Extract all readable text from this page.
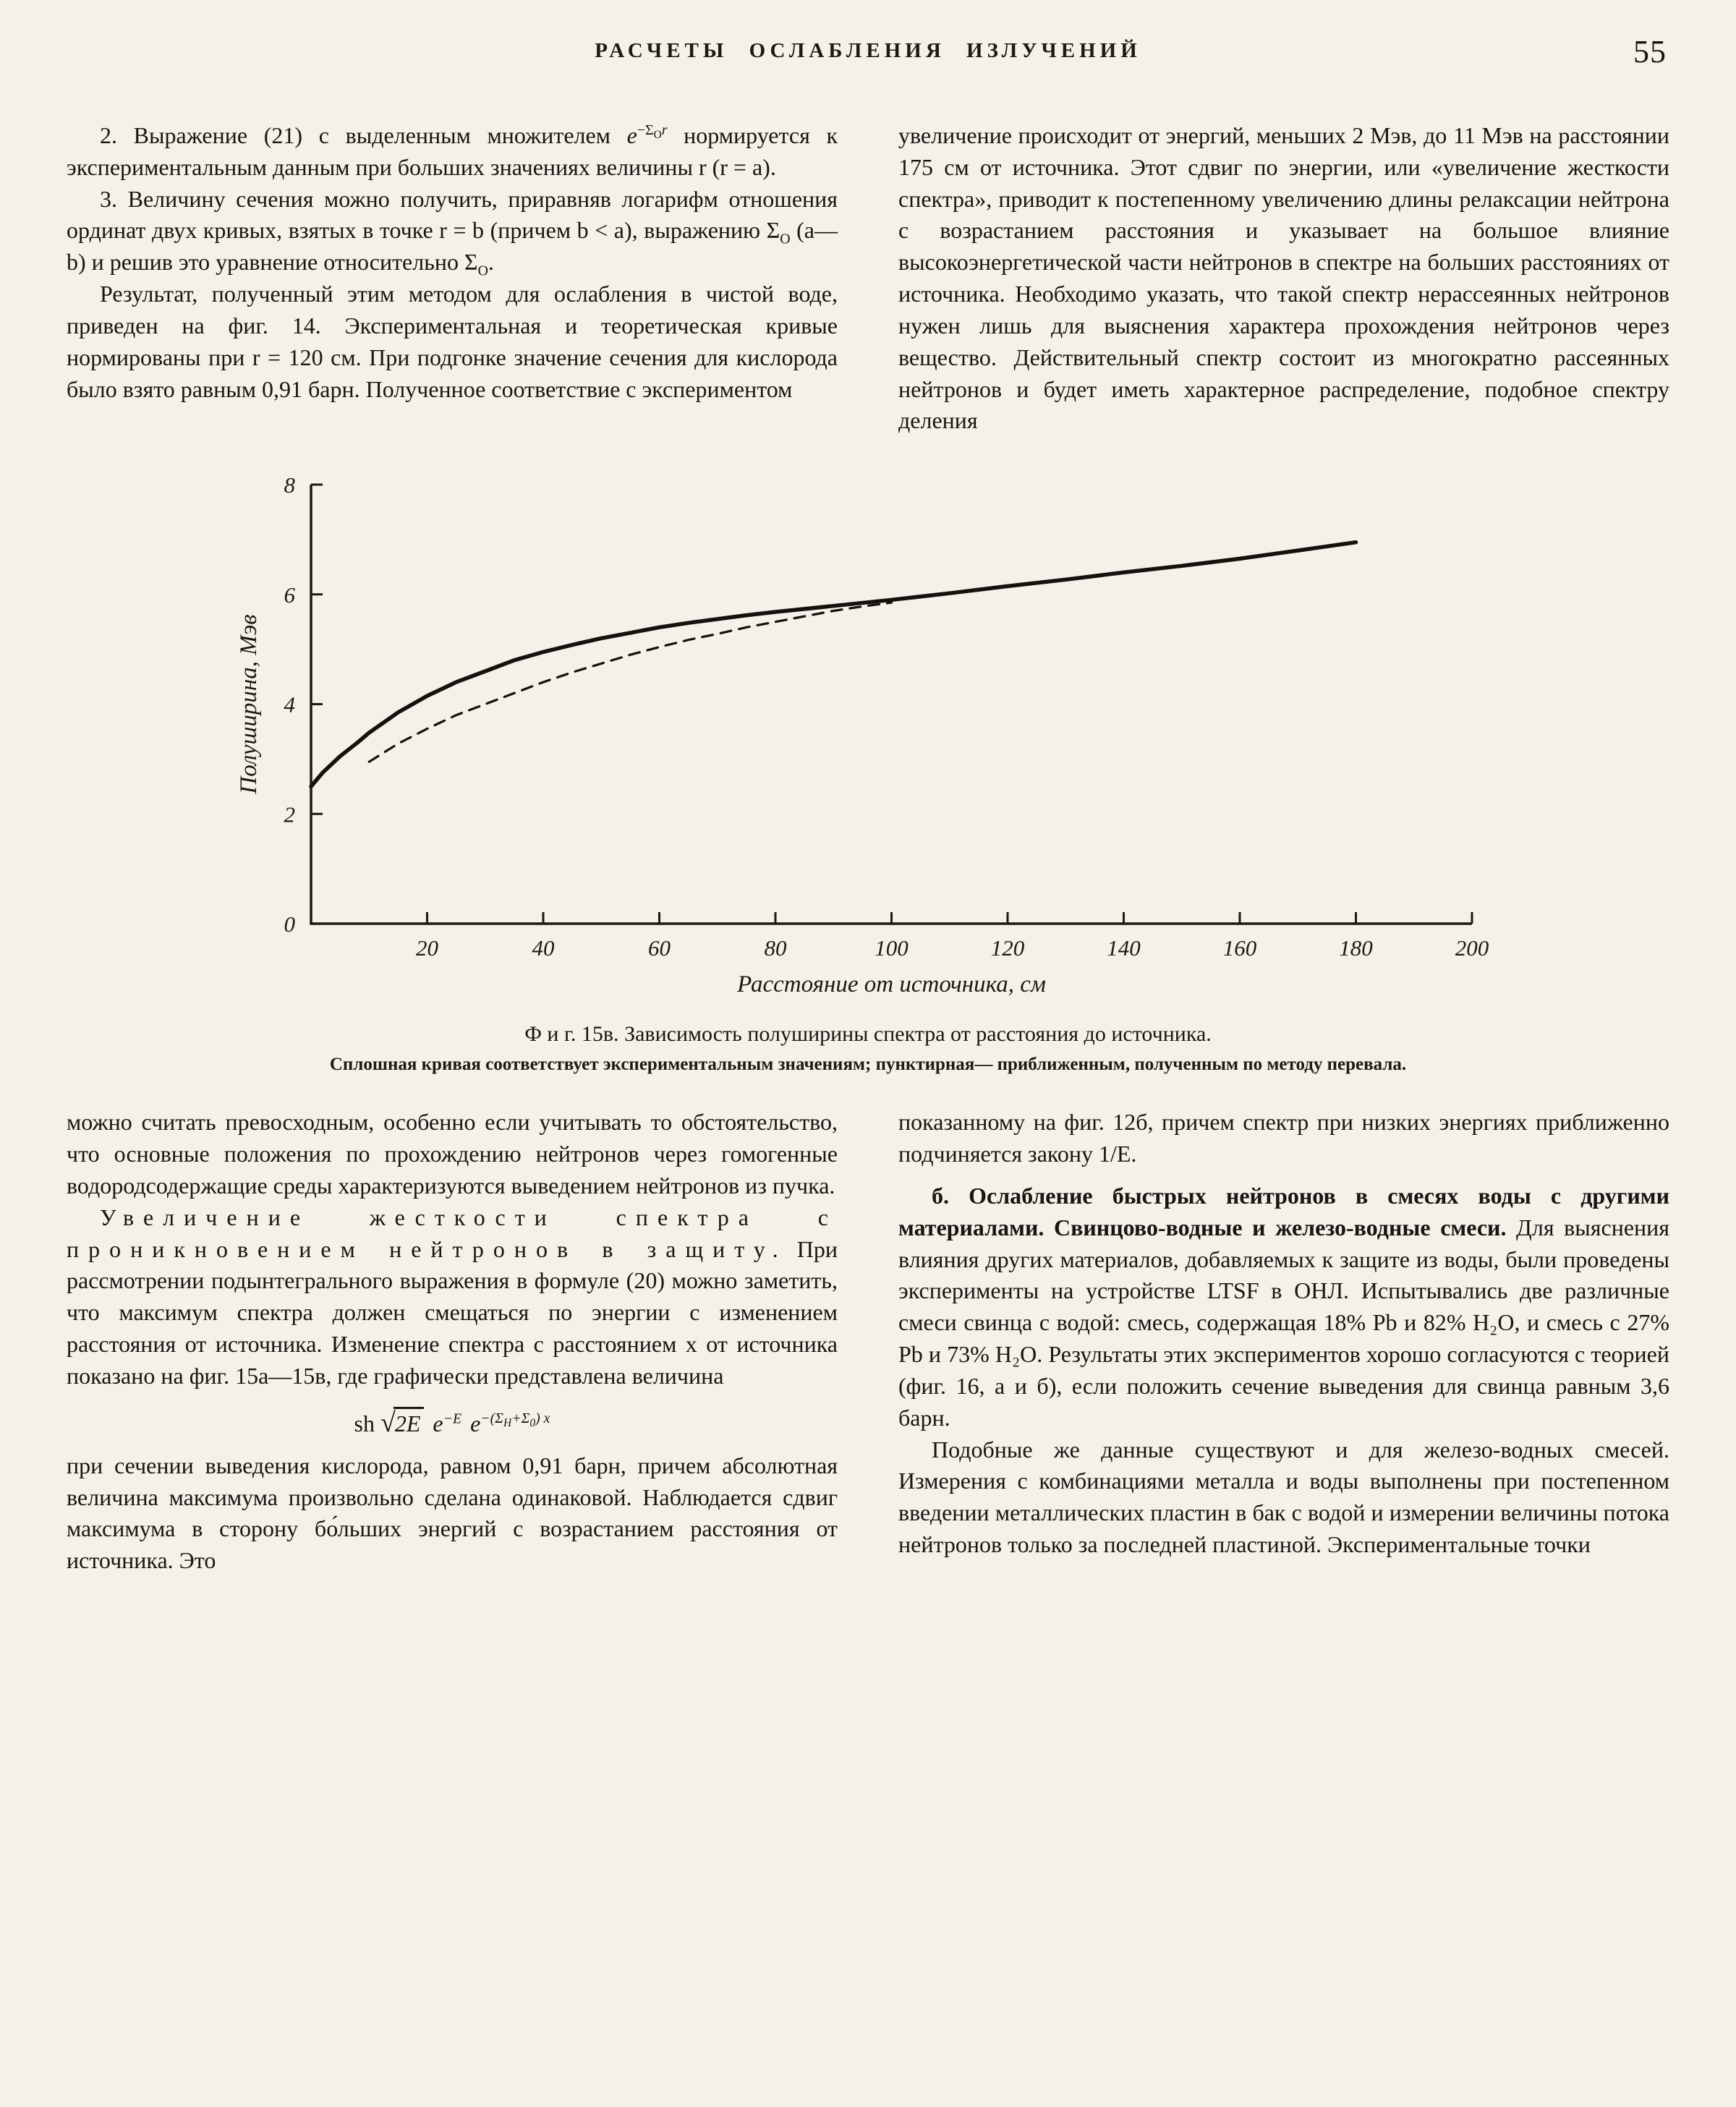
РАСЧЕТЫ ОСЛАБЛЕНИЯ ИЗЛУЧЕНИЙ	55

2. Выражение (21) с выделенным множителем $e^{-\Sigma_Or}$ нормируется к экспериментальным данным при больших значениях величины r (r = a).

3. Величину сечения можно получить, приравняв логарифм отношения ординат двух кривых, взятых в точке r = b (причем b < a), выражению $\Sigma_O$ (a—b) и решив это уравнение относительно $\Sigma_O$.

Результат, полученный этим методом для ослабления в чистой воде, приведен на фиг. 14. Экспериментальная и теоретическая кривые нормированы при r = 120 см. При подгонке значение сечения для кислорода было взято равным 0,91 барн. Полученное соответствие с экспериментом

увеличение происходит от энергий, меньших 2 Мэв, до 11 Мэв на расстоянии 175 см от источника. Этот сдвиг по энергии, или «увеличение жесткости спектра», приводит к постепенному увеличению длины релаксации нейтрона с возрастанием расстояния и указывает на большое влияние высокоэнергетической части нейтронов в спектре на больших расстояниях от источника. Необходимо указать, что такой спектр нерассеянных нейтронов нужен лишь для выяснения характера прохождения нейтронов через вещество. Действительный спектр состоит из многократно рассеянных нейтронов и будет иметь характерное распределение, подобное спектру деления

0
2
4
6
8
20	40	60	80	100	120	140	160	180	200
Расстояние от источника, см
Полуширина, Мэв
Ф и г. 15в. Зависимость полуширины спектра от расстояния до источника.
Сплошная кривая соответствует экспериментальным значениям; пунктирная— приближенным, полученным по методу перевала.

можно считать превосходным, особенно если учитывать то обстоятельство, что основные положения по прохождению нейтронов через гомогенные водородсодержащие среды характеризуются выведением нейтронов из пучка.

Увеличение жесткости спектра с проникновением нейтронов в защиту. При рассмотрении подынтегрального выражения в формуле (20) можно заметить, что максимум спектра должен смещаться по энергии с изменением расстояния от источника. Изменение спектра с расстоянием x от источника показано на фиг. 15а—15в, где графически представлена величина

sh √2E $e^{-E}$ $e^{-(\Sigma_H+\Sigma_0) x}$

при сечении выведения кислорода, равном 0,91 барн, причем абсолютная величина максимума произвольно сделана одинаковой. Наблюдается сдвиг максимума в сторону бо́льших энергий с возрастанием расстояния от источника. Это

показанному на фиг. 12б, причем спектр при низких энергиях приближенно подчиняется закону 1/E.

б. Ослабление быстрых нейтронов в смесях воды с другими материалами. Свинцово-водные и железо-водные смеси. Для выяснения влияния других материалов, добавляемых к защите из воды, были проведены эксперименты на устройстве LTSF в ОНЛ. Испытывались две различные смеси свинца с водой: смесь, содержащая 18% Pb и 82% H₂O, и смесь с 27% Pb и 73% H₂O. Результаты этих экспериментов хорошо согласуются с теорией (фиг. 16, а и б), если положить сечение выведения для свинца равным 3,6 барн.

Подобные же данные существуют и для железо-водных смесей. Измерения с комбинациями металла и воды выполнены при постепенном введении металлических пластин в бак с водой и измерении величины потока нейтронов только за последней пластиной. Экспериментальные точки
